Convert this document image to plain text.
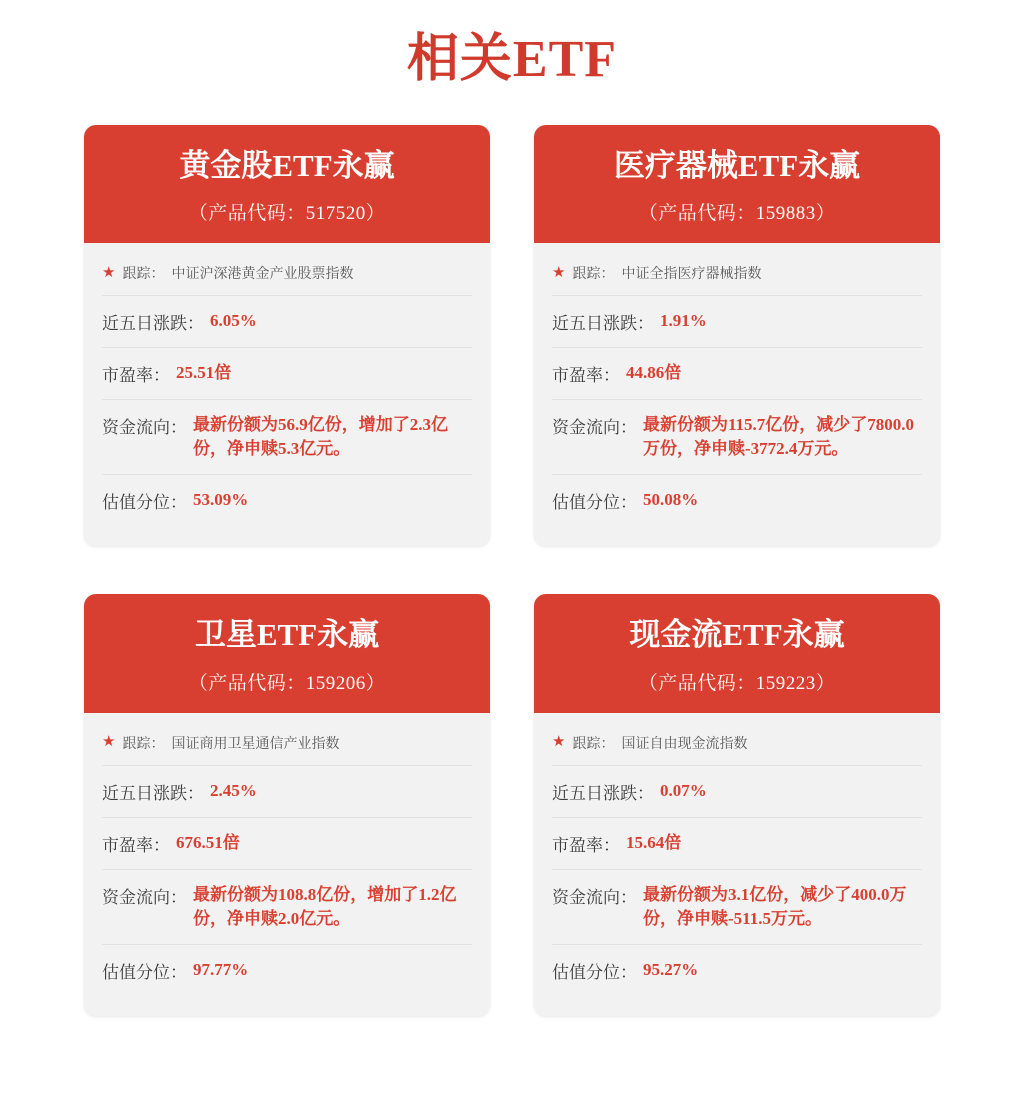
相关ETF
黄金股ETF永赢
（产品代码：517520）
★ 跟踪： 中证沪深港黄金产业股票指数
近五日涨跌： 6.05%
市盈率： 25.51倍
资金流向： 最新份额为56.9亿份，增加了2.3亿份，净申赎5.3亿元。
估值分位： 53.09%
医疗器械ETF永赢
（产品代码：159883）
★ 跟踪： 中证全指医疗器械指数
近五日涨跌： 1.91%
市盈率： 44.86倍
资金流向： 最新份额为115.7亿份，减少了7800.0万份，净申赎-3772.4万元。
估值分位： 50.08%
卫星ETF永赢
（产品代码：159206）
★ 跟踪： 国证商用卫星通信产业指数
近五日涨跌： 2.45%
市盈率： 676.51倍
资金流向： 最新份额为108.8亿份，增加了1.2亿份，净申赎2.0亿元。
估值分位： 97.77%
现金流ETF永赢
（产品代码：159223）
★ 跟踪： 国证自由现金流指数
近五日涨跌： 0.07%
市盈率： 15.64倍
资金流向： 最新份额为3.1亿份，减少了400.0万份，净申赎-511.5万元。
估值分位： 95.27%
